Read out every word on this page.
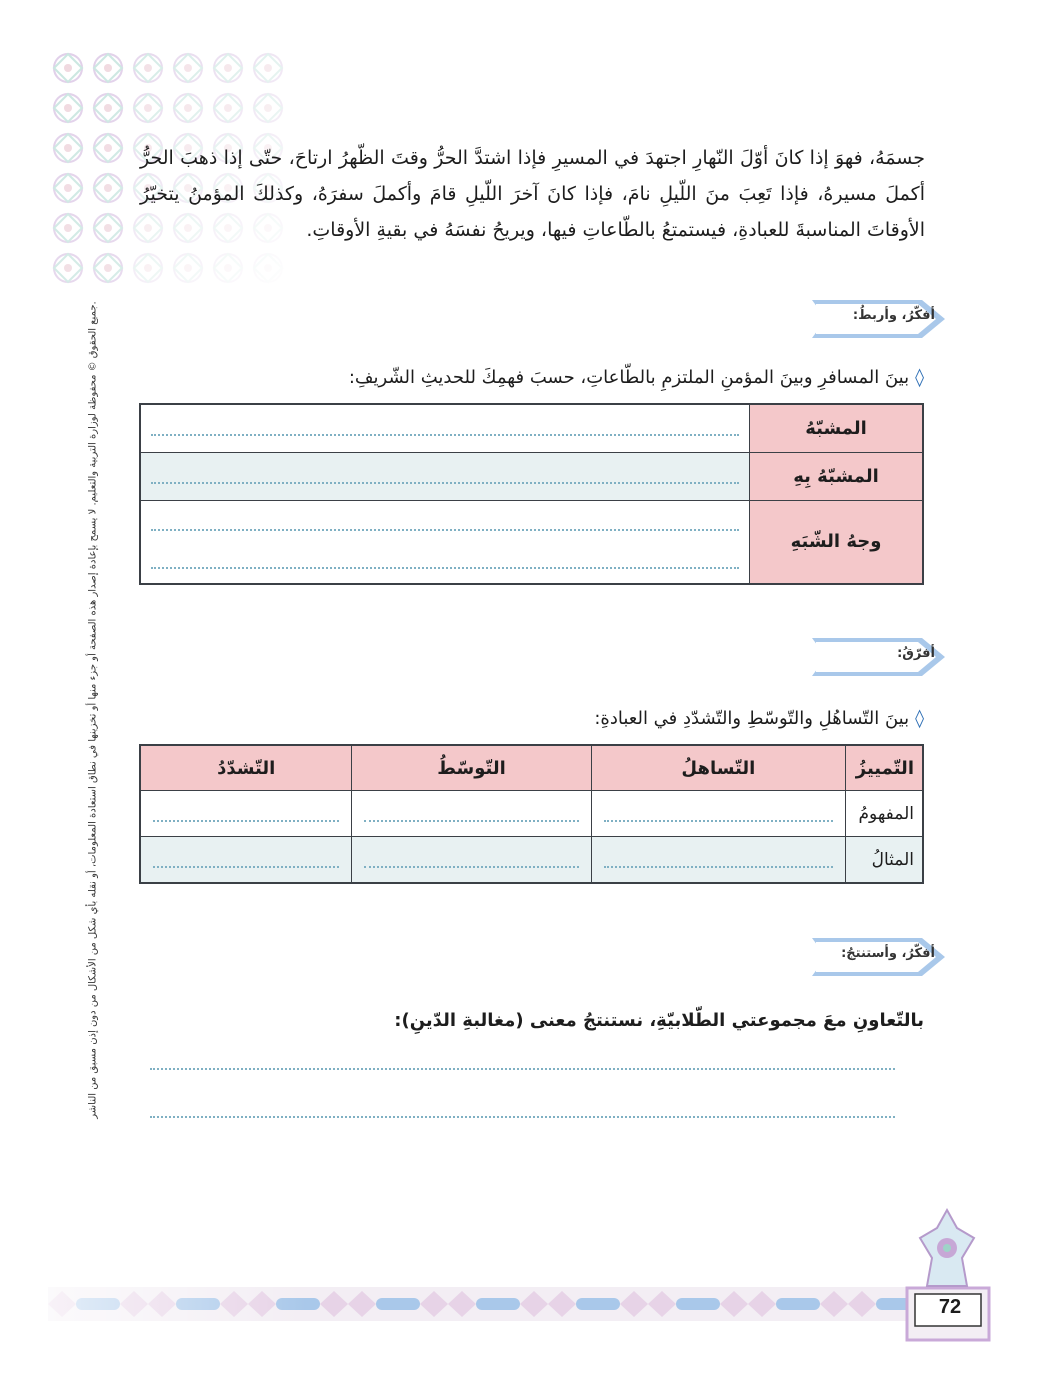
جميع الحقوق © محفوظة لوزارة التربية والتعليم. لا يسمح بإعادة إصدار هذه الصفحة أو جزء منها أو تخزينها في نطاق استعادة المعلومات، أو نقله بأي شكل من الأشكال من دون إذن مسبق من الناشر.
جسمَهُ، فهوَ إذا كانَ أوّلَ النّهارِ اجتهدَ في المسيرِ فإذا اشتدَّ الحرُّ وقتَ الظّهرُ ارتاحَ، حتّى إذا ذهبَ الحرُّ أكملَ مسيرهُ، فإذا تَعِبَ منَ اللّيلِ نامَ، فإذا كانَ آخرَ اللّيلِ قامَ وأكملَ سفرَهُ، وكذلكَ المؤمنُ يتخيّرُ الأوقاتَ المناسبةَ للعبادةِ، فيستمتعُ بالطّاعاتِ فيها، ويريحُ نفسَهُ في بقيةِ الأوقاتِ.
أفكّرُ، وأربطُ:
◊بينَ المسافرِ وبينَ المؤمنِ الملتزمِ بالطّاعاتِ، حسبَ فهمِكَ للحديثِ الشّريفِ:
المشبّهُ	

المشبّهُ بِهِ	

وجهُ الشّبَهِ	
أفرّقُ:
◊بينَ التّساهُلِ والتّوسّطِ والتّشدّدِ في العبادةِ:
التّمييزُ	التّساهلُ	التّوسّطُ	التّشدّدُ
المفهومُ	

المثالُ	

أفكّرُ، وأستنتجُ:
بالتّعاونِ معَ مجموعتي الطّلابيّةِ، نستنتجُ معنى (مغالبةِ الدّينِ):
72
